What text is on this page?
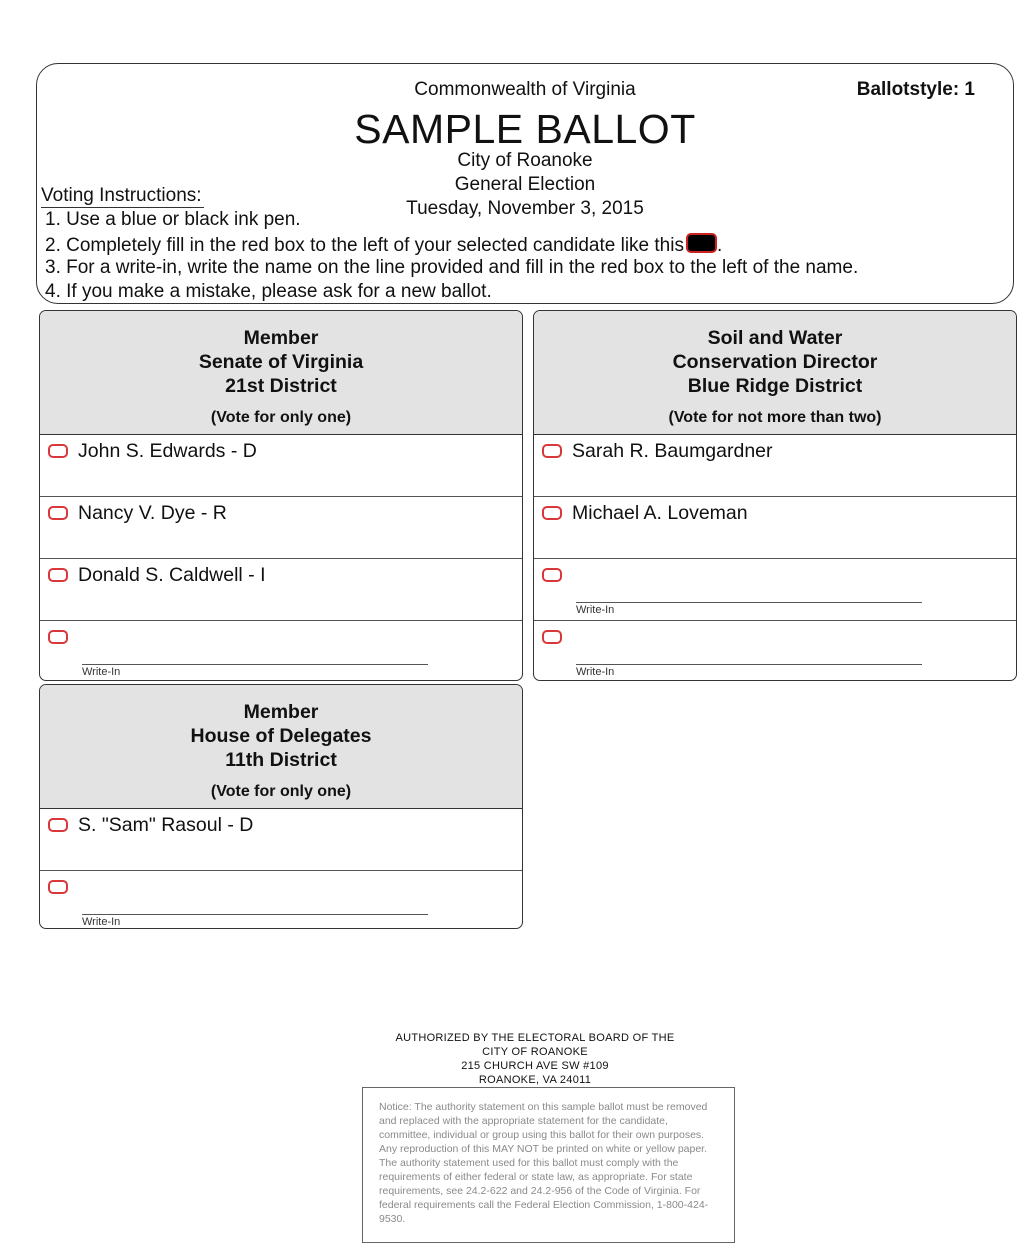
Commonwealth of Virginia	Ballotstyle: 1
SAMPLE BALLOT
City of Roanoke
General Election
Tuesday, November 3, 2015
Voting Instructions:
1. Use a blue or black ink pen.
2. Completely fill in the red box to the left of your selected candidate like this .
3. For a write-in, write the name on the line provided and fill in the red box to the left of the name.
4. If you make a mistake, please ask for a new ballot.
Member
Senate of Virginia
21st District
(Vote for only one)
John S. Edwards - D
Nancy V. Dye - R
Donald S. Caldwell - I
Write-In
Soil and Water
Conservation Director
Blue Ridge District
(Vote for not more than two)
Sarah R. Baumgardner
Michael A. Loveman
Write-In
Write-In
Member
House of Delegates
11th District
(Vote for only one)
S. "Sam" Rasoul - D
Write-In
AUTHORIZED BY THE ELECTORAL BOARD OF THE
CITY OF ROANOKE
215 CHURCH AVE SW #109
ROANOKE, VA 24011
Notice: The authority statement on this sample ballot must be removed and replaced with the appropriate statement for the candidate, committee, individual or group using this ballot for their own purposes. Any reproduction of this MAY NOT be printed on white or yellow paper. The authority statement used for this ballot must comply with the requirements of either federal or state law, as appropriate. For state requirements, see 24.2-622 and 24.2-956 of the Code of Virginia. For federal requirements call the Federal Election Commission, 1-800-424-9530.
